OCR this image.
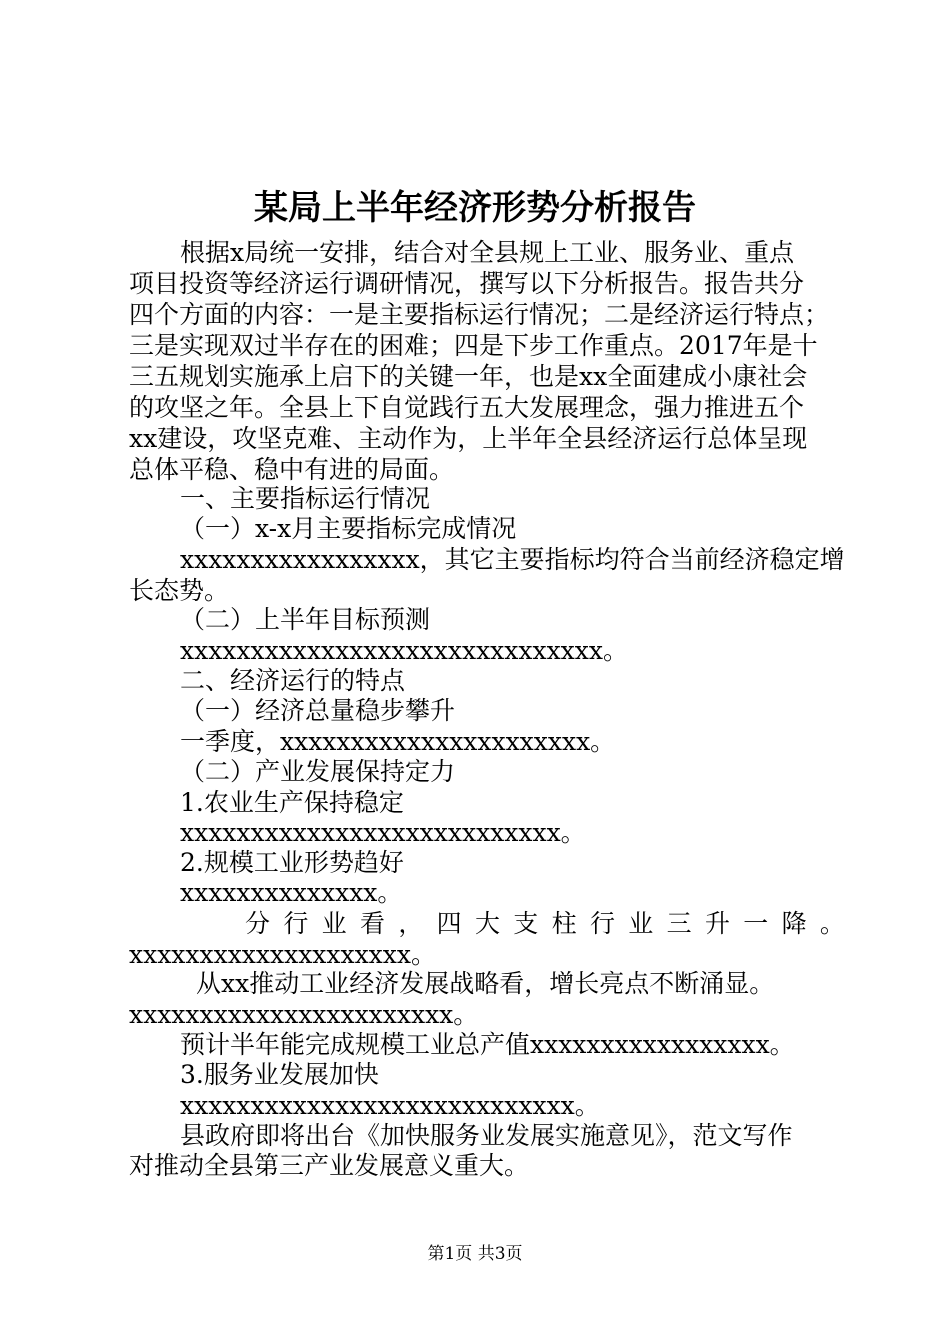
某局上半年经济形势分析报告
根据x局统一安排，结合对全县规上工业、服务业、重点
项目投资等经济运行调研情况，撰写以下分析报告。报告共分
四个方面的内容：一是主要指标运行情况；二是经济运行特点；
三是实现双过半存在的困难；四是下步工作重点。2017年是十
三五规划实施承上启下的关键一年，也是xx全面建成小康社会
的攻坚之年。全县上下自觉践行五大发展理念，强力推进五个
xx建设，攻坚克难、主动作为，上半年全县经济运行总体呈现
总体平稳、稳中有进的局面。
一、主要指标运行情况
（一）x-x月主要指标完成情况
xxxxxxxxxxxxxxxxx，其它主要指标均符合当前经济稳定增
长态势。
（二）上半年目标预测
xxxxxxxxxxxxxxxxxxxxxxxxxxxxxx。
二、经济运行的特点
（一）经济总量稳步攀升
一季度，xxxxxxxxxxxxxxxxxxxxxx。
（二）产业发展保持定力
1.农业生产保持稳定
xxxxxxxxxxxxxxxxxxxxxxxxxxx。
2.规模工业形势趋好
xxxxxxxxxxxxxx。
分 行 业 看 ， 四 大 支 柱 行 业 三 升 一 降 。
xxxxxxxxxxxxxxxxxxxx。
从xx推动工业经济发展战略看，增长亮点不断涌显。
xxxxxxxxxxxxxxxxxxxxxxx。
预计半年能完成规模工业总产值xxxxxxxxxxxxxxxxx。
3.服务业发展加快
xxxxxxxxxxxxxxxxxxxxxxxxxxxx。
县政府即将出台《加快服务业发展实施意见》，范文写作
对推动全县第三产业发展意义重大。
第1页 共3页
